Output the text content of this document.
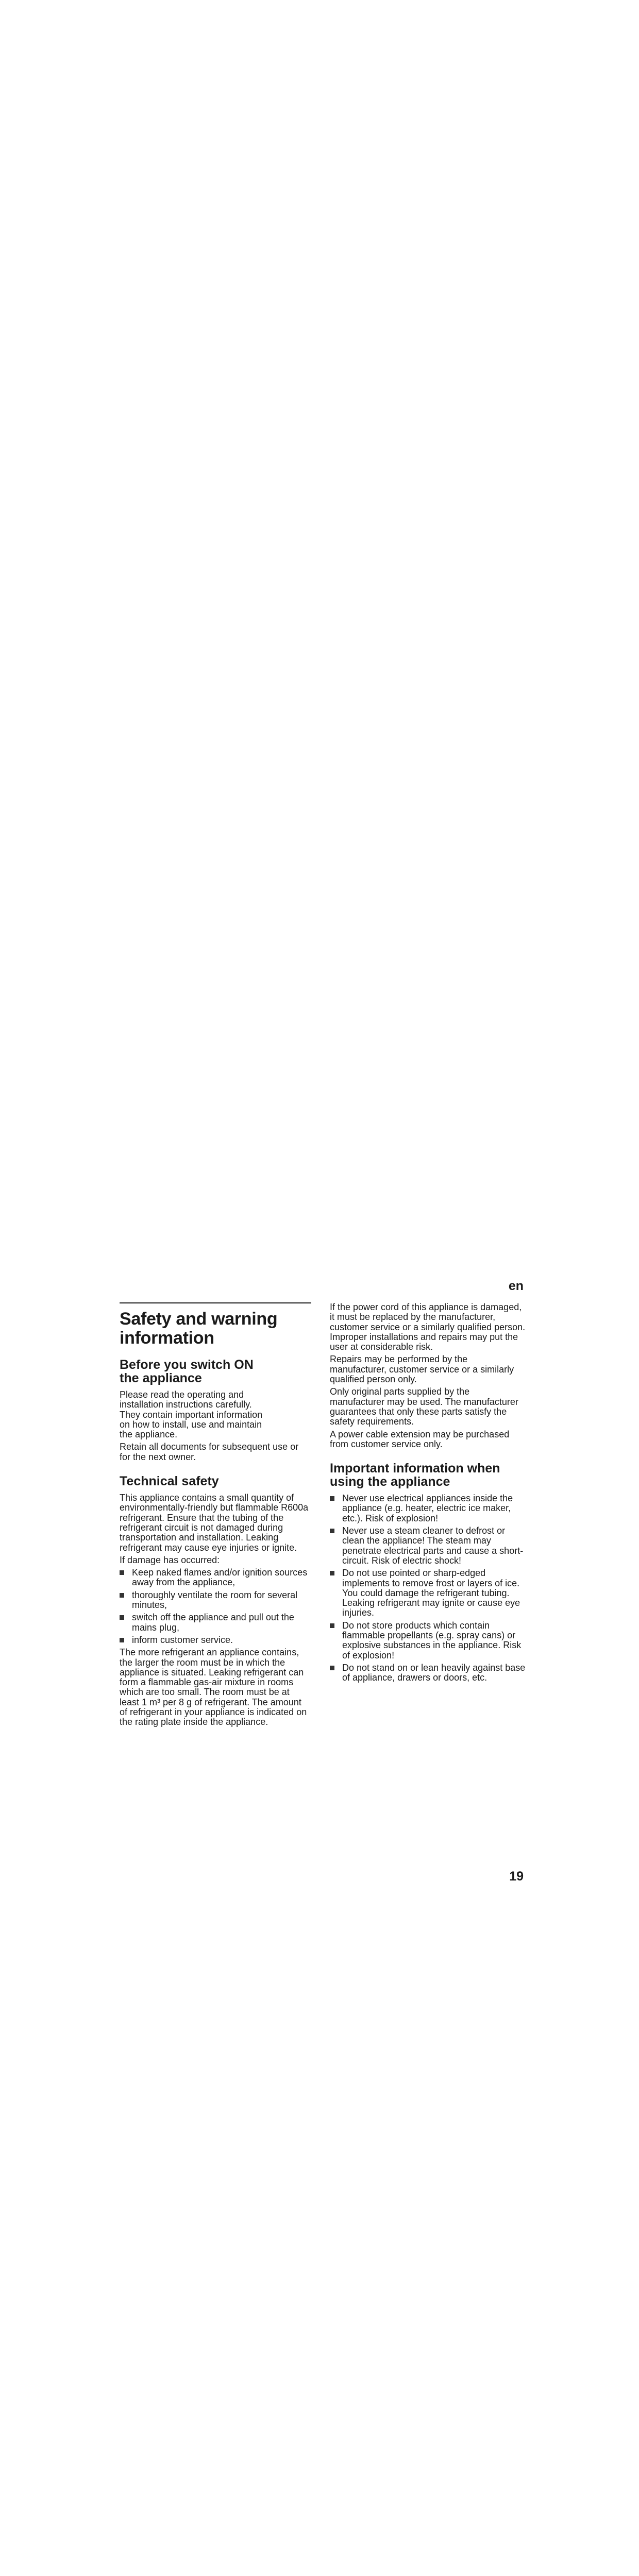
en
Safety and warning information
Before you switch ON the appliance

Please read the operating and installation instructions carefully. They contain important information on how to install, use and maintain the appliance.

Retain all documents for subsequent use or for the next owner.

Technical safety

This appliance contains a small quantity of environmentally-friendly but flammable R600a refrigerant. Ensure that the tubing of the refrigerant circuit is not damaged during transportation and installation. Leaking refrigerant may cause eye injuries or ignite.

If damage has occurred:

Keep naked flames and/or ignition sources away from the appliance,
thoroughly ventilate the room for several minutes,
switch off the appliance and pull out the mains plug,
inform customer service.

The more refrigerant an appliance contains, the larger the room must be in which the appliance is situated. Leaking refrigerant can form a flammable gas-air mixture in rooms which are too small. The room must be at least 1 m³ per 8 g of refrigerant. The amount of refrigerant in your appliance is indicated on the rating plate inside the appliance.

If the power cord of this appliance is damaged, it must be replaced by the manufacturer, customer service or a similarly qualified person. Improper installations and repairs may put the user at considerable risk.

Repairs may be performed by the manufacturer, customer service or a similarly qualified person only.

Only original parts supplied by the manufacturer may be used. The manufacturer guarantees that only these parts satisfy the safety requirements.

A power cable extension may be purchased from customer service only.

Important information when using the appliance
Never use electrical appliances inside the appliance (e.g. heater, electric ice maker, etc.). Risk of explosion!
Never use a steam cleaner to defrost or clean the appliance! The steam may penetrate electrical parts and cause a short-circuit. Risk of electric shock!
Do not use pointed or sharp-edged implements to remove frost or layers of ice. You could damage the refrigerant tubing. Leaking refrigerant may ignite or cause eye injuries.
Do not store products which contain flammable propellants (e.g. spray cans) or explosive substances in the appliance. Risk of explosion!
Do not stand on or lean heavily against base of appliance, drawers or doors, etc.
19
